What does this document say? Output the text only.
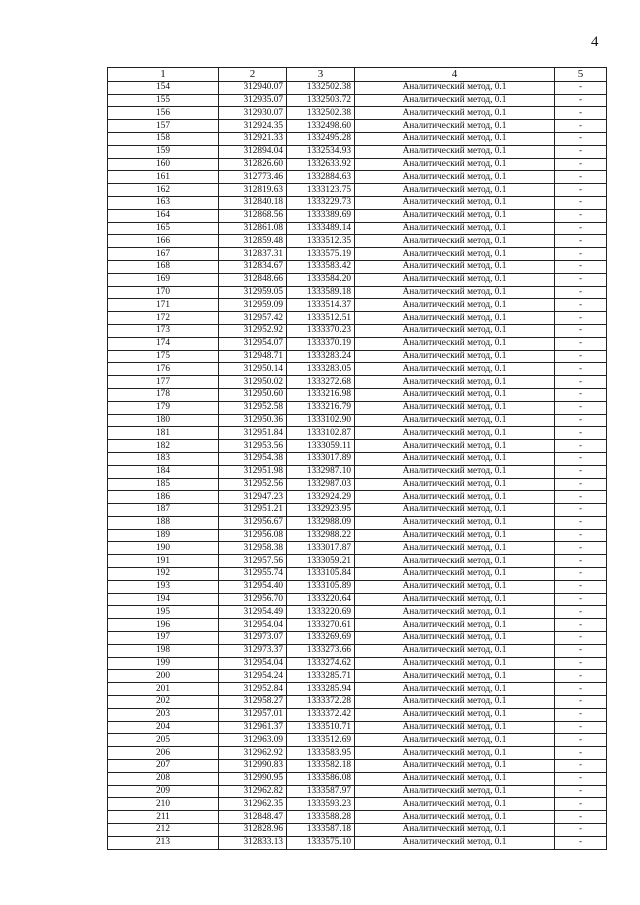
4
1	2	3	4	5
154	312940.07	1332502.38	Аналитический метод, 0.1	-
155	312935.07	1332503.72	Аналитический метод, 0.1	-
156	312930.07	1332502.38	Аналитический метод, 0.1	-
157	312924.35	1332498.60	Аналитический метод, 0.1	-
158	312921.33	1332495.28	Аналитический метод, 0.1	-
159	312894.04	1332534.93	Аналитический метод, 0.1	-
160	312826.60	1332633.92	Аналитический метод, 0.1	-
161	312773.46	1332884.63	Аналитический метод, 0.1	-
162	312819.63	1333123.75	Аналитический метод, 0.1	-
163	312840.18	1333229.73	Аналитический метод, 0.1	-
164	312868.56	1333389.69	Аналитический метод, 0.1	-
165	312861.08	1333489.14	Аналитический метод, 0.1	-
166	312859.48	1333512.35	Аналитический метод, 0.1	-
167	312837.31	1333575.19	Аналитический метод, 0.1	-
168	312834.67	1333583.42	Аналитический метод, 0.1	-
169	312848.66	1333584.20	Аналитический метод, 0.1	-
170	312959.05	1333589.18	Аналитический метод, 0.1	-
171	312959.09	1333514.37	Аналитический метод, 0.1	-
172	312957.42	1333512.51	Аналитический метод, 0.1	-
173	312952.92	1333370.23	Аналитический метод, 0.1	-
174	312954.07	1333370.19	Аналитический метод, 0.1	-
175	312948.71	1333283.24	Аналитический метод, 0.1	-
176	312950.14	1333283.05	Аналитический метод, 0.1	-
177	312950.02	1333272.68	Аналитический метод, 0.1	-
178	312950.60	1333216.98	Аналитический метод, 0.1	-
179	312952.58	1333216.79	Аналитический метод, 0.1	-
180	312950.36	1333102.90	Аналитический метод, 0.1	-
181	312951.84	1333102.87	Аналитический метод, 0.1	-
182	312953.56	1333059.11	Аналитический метод, 0.1	-
183	312954.38	1333017.89	Аналитический метод, 0.1	-
184	312951.98	1332987.10	Аналитический метод, 0.1	-
185	312952.56	1332987.03	Аналитический метод, 0.1	-
186	312947.23	1332924.29	Аналитический метод, 0.1	-
187	312951.21	1332923.95	Аналитический метод, 0.1	-
188	312956.67	1332988.09	Аналитический метод, 0.1	-
189	312956.08	1332988.22	Аналитический метод, 0.1	-
190	312958.38	1333017.87	Аналитический метод, 0.1	-
191	312957.56	1333059.21	Аналитический метод, 0.1	-
192	312955.74	1333105.84	Аналитический метод, 0.1	-
193	312954.40	1333105.89	Аналитический метод, 0.1	-
194	312956.70	1333220.64	Аналитический метод, 0.1	-
195	312954.49	1333220.69	Аналитический метод, 0.1	-
196	312954.04	1333270.61	Аналитический метод, 0.1	-
197	312973.07	1333269.69	Аналитический метод, 0.1	-
198	312973.37	1333273.66	Аналитический метод, 0.1	-
199	312954.04	1333274.62	Аналитический метод, 0.1	-
200	312954.24	1333285.71	Аналитический метод, 0.1	-
201	312952.84	1333285.94	Аналитический метод, 0.1	-
202	312958.27	1333372.28	Аналитический метод, 0.1	-
203	312957.01	1333372.42	Аналитический метод, 0.1	-
204	312961.37	1333510.71	Аналитический метод, 0.1	-
205	312963.09	1333512.69	Аналитический метод, 0.1	-
206	312962.92	1333583.95	Аналитический метод, 0.1	-
207	312990.83	1333582.18	Аналитический метод, 0.1	-
208	312990.95	1333586.08	Аналитический метод, 0.1	-
209	312962.82	1333587.97	Аналитический метод, 0.1	-
210	312962.35	1333593.23	Аналитический метод, 0.1	-
211	312848.47	1333588.28	Аналитический метод, 0.1	-
212	312828.96	1333587.18	Аналитический метод, 0.1	-
213	312833.13	1333575.10	Аналитический метод, 0.1	-
